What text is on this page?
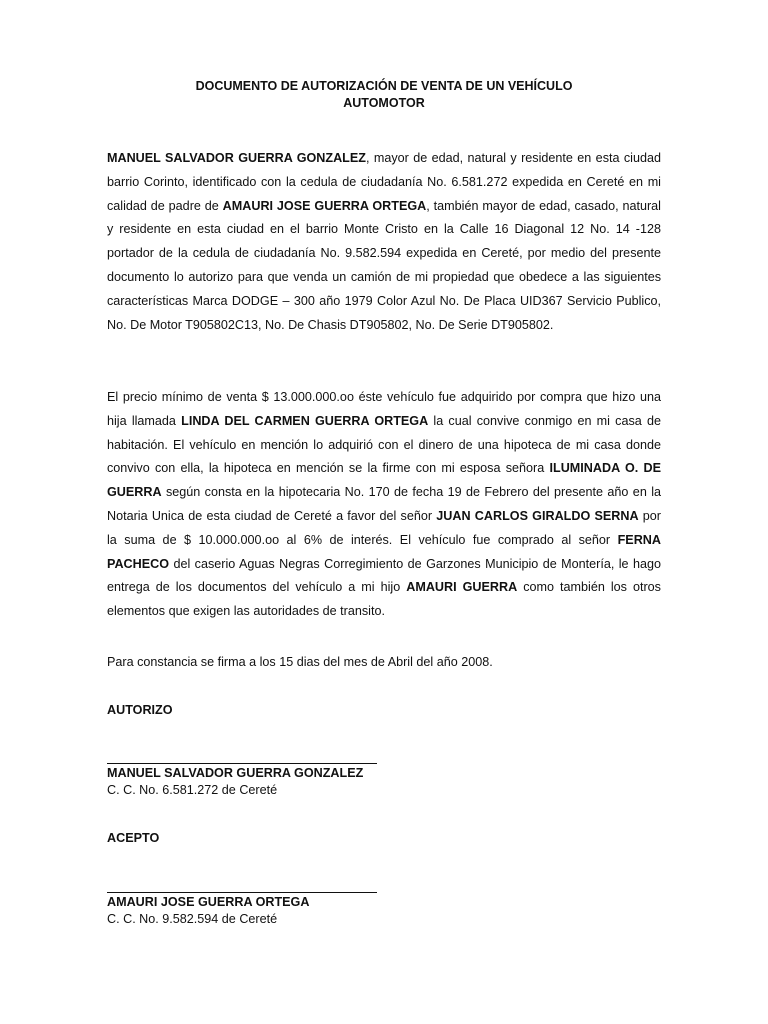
DOCUMENTO DE AUTORIZACIÓN DE VENTA DE UN VEHÍCULO
AUTOMOTOR
MANUEL SALVADOR GUERRA GONZALEZ, mayor de edad, natural y residente en esta ciudad barrio Corinto, identificado con la cedula de ciudadanía No. 6.581.272 expedida en Cereté en mi calidad de padre de AMAURI JOSE GUERRA ORTEGA, también mayor de edad, casado, natural y residente en esta ciudad en el barrio Monte Cristo en la Calle 16 Diagonal 12 No. 14 -128 portador de la cedula de ciudadanía No. 9.582.594 expedida en Cereté, por medio del presente documento lo autorizo para que venda un camión de mi propiedad que obedece a las siguientes características Marca DODGE – 300 año 1979 Color Azul No. De Placa UID367 Servicio Publico, No. De Motor T905802C13, No. De Chasis DT905802, No. De Serie DT905802.
El precio mínimo de venta $ 13.000.000.oo éste vehículo fue adquirido por compra que hizo una hija llamada LINDA DEL CARMEN GUERRA ORTEGA la cual convive conmigo en mi casa de habitación. El vehículo en mención lo adquirió con el dinero de una hipoteca de mi casa donde convivo con ella, la hipoteca en mención se la firme con mi esposa señora ILUMINADA O. DE GUERRA según consta en la hipotecaria No. 170 de fecha 19 de Febrero del presente año en la Notaria Unica de esta ciudad de Cereté a favor del señor JUAN CARLOS GIRALDO SERNA por la suma de $ 10.000.000.oo al 6% de interés. El vehículo fue comprado al señor FERNA PACHECO del caserio Aguas Negras Corregimiento de Garzones Municipio de Montería, le hago entrega de los documentos del vehículo a mi hijo AMAURI GUERRA como también los otros elementos que exigen las autoridades de transito.
Para constancia se firma a los 15 dias del mes de Abril del año 2008.
AUTORIZO
MANUEL SALVADOR GUERRA GONZALEZ
C. C. No. 6.581.272 de Cereté
ACEPTO
AMAURI JOSE GUERRA ORTEGA
C. C. No. 9.582.594 de Cereté
